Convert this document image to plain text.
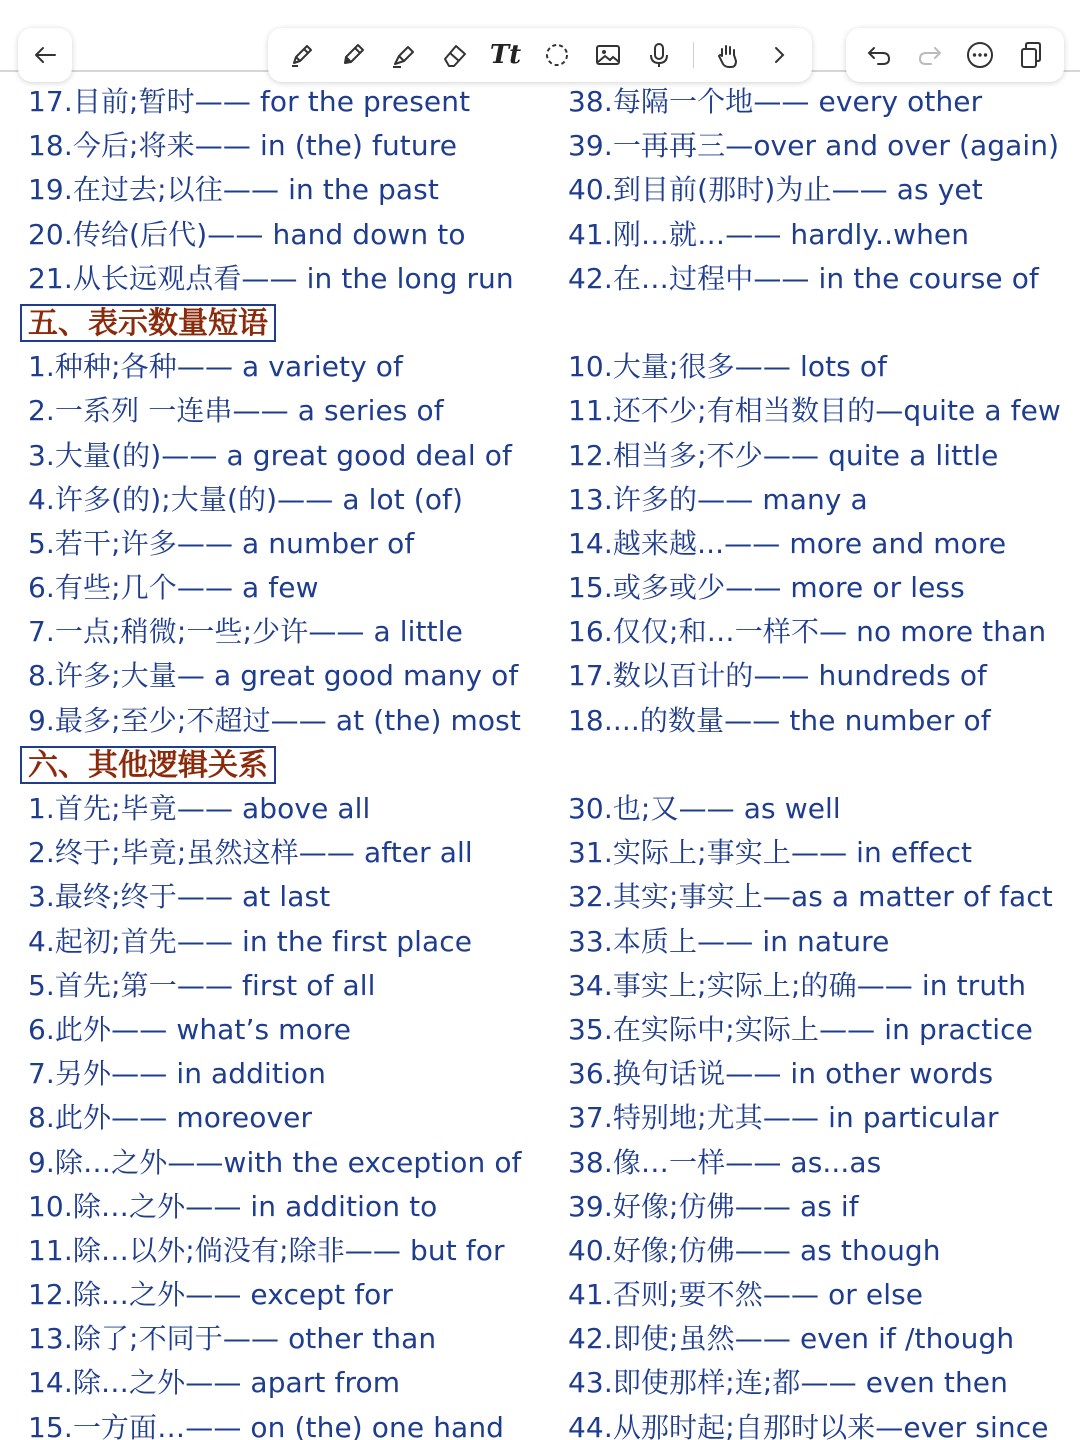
Tt
17.目前;暂时—— for the present
18.今后;将来—— in (the) future
19.在过去;以往—— in the past
20.传给(后代)—— hand down to
21.从长远观点看—— in the long run
五、表示数量短语
1.种种;各种—— a variety of
2.一系列 一连串—— a series of
3.大量(的)—— a great good deal of
4.许多(的);大量(的)—— a lot (of)
5.若干;许多—— a number of
6.有些;几个—— a few
7.一点;稍微;一些;少许—— a little
8.许多;大量— a great good many of
9.最多;至少;不超过—— at (the) most
六、其他逻辑关系
1.首先;毕竟—— above all
2.终于;毕竟;虽然这样—— after all
3.最终;终于—— at last
4.起初;首先—— in the first place
5.首先;第一—— first of all
6.此外—— what’s more
7.另外—— in addition
8.此外—— moreover
9.除…之外——with the exception of
10.除…之外—— in addition to
11.除…以外;倘没有;除非—— but for
12.除…之外—— except for
13.除了;不同于—— other than
14.除…之外—— apart from
15.一方面…—— on (the) one hand
38.每隔一个地—— every other
39.一再再三—over and over (again)
40.到目前(那时)为止—— as yet
41.刚…就…—— hardly..when
42.在…过程中—— in the course of
10.大量;很多—— lots of
11.还不少;有相当数目的—quite a few
12.相当多;不少—— quite a little
13.许多的—— many a
14.越来越...—— more and more
15.或多或少—— more or less
16.仅仅;和…一样不— no more than
17.数以百计的—— hundreds of
18....的数量—— the number of
30.也;又—— as well
31.实际上;事实上—— in effect
32.其实;事实上—as a matter of fact
33.本质上—— in nature
34.事实上;实际上;的确—— in truth
35.在实际中;实际上—— in practice
36.换句话说—— in other words
37.特别地;尤其—— in particular
38.像…一样—— as...as
39.好像;仿佛—— as if
40.好像;仿佛—— as though
41.否则;要不然—— or else
42.即使;虽然—— even if /though
43.即使那样;连;都—— even then
44.从那时起;自那时以来—ever since
